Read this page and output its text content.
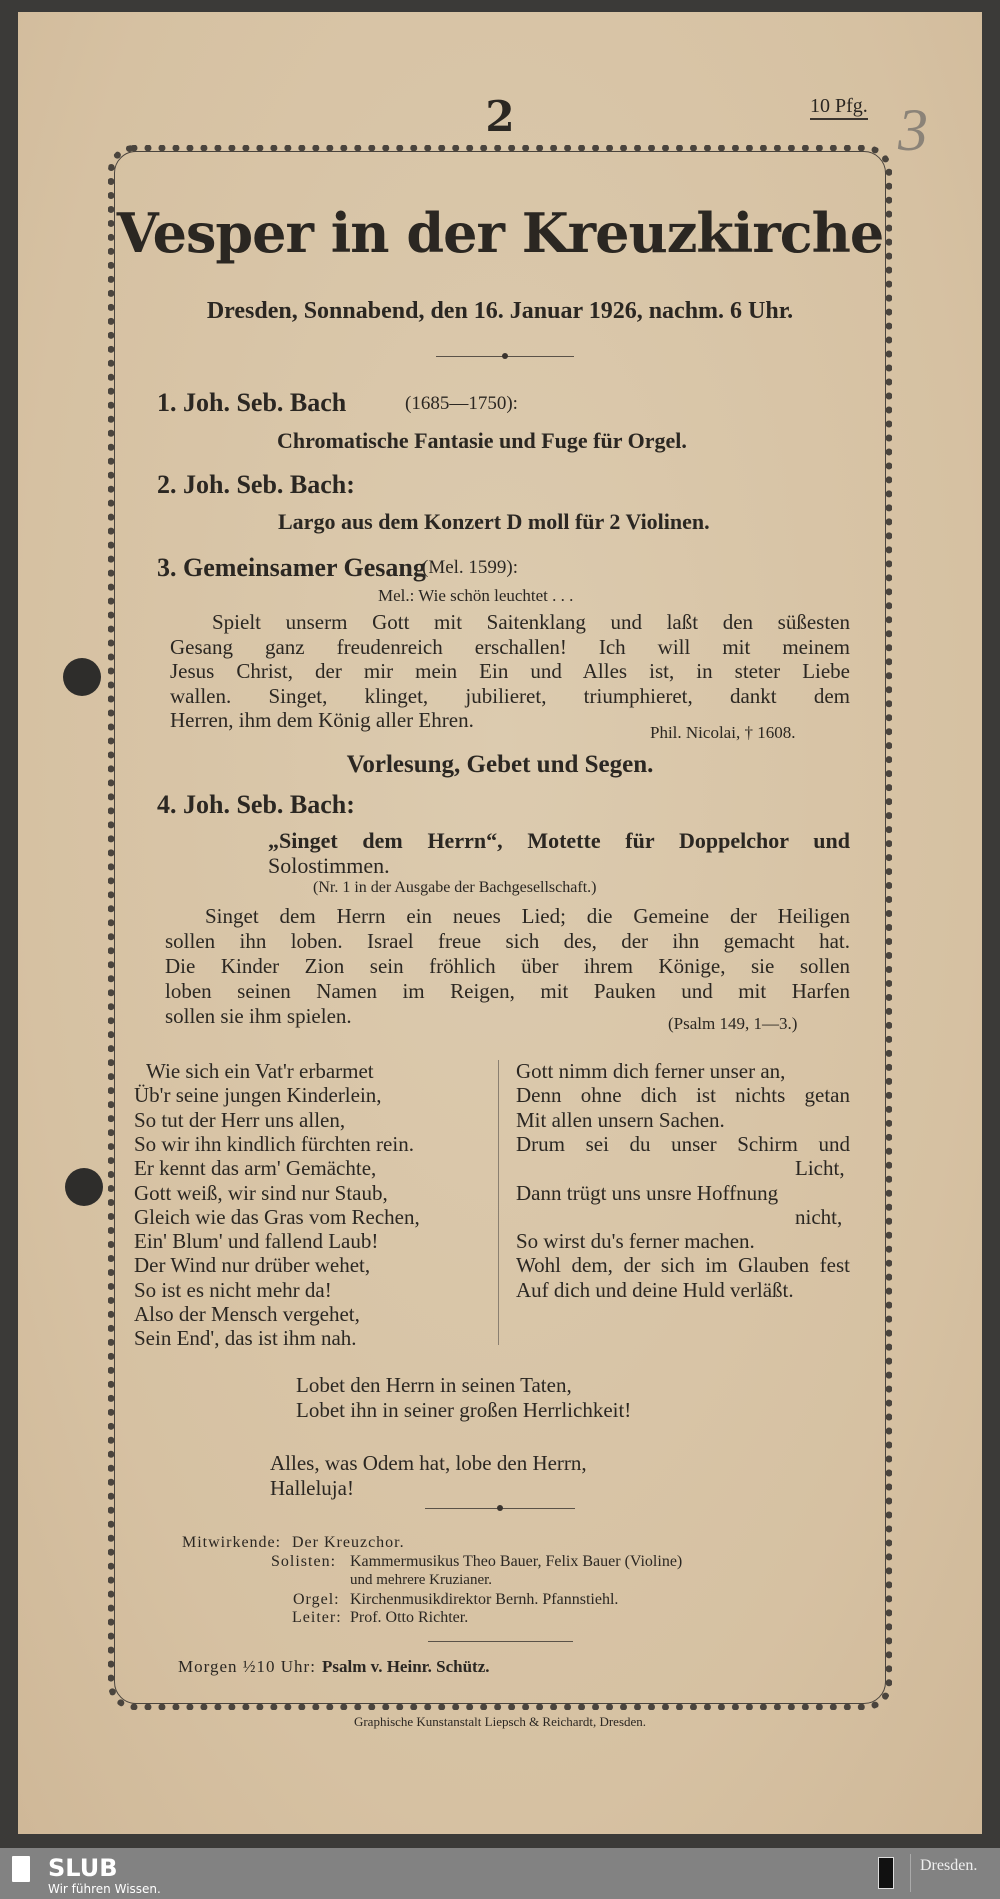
2	10 Pfg. 3
Vesper in der Kreuzkirche
Dresden, Sonnabend, den 16. Januar 1926, nachm. 6 Uhr.
1. Joh. Seb. Bach	(1685—1750):
Chromatische Fantasie und Fuge für Orgel.
2. Joh. Seb. Bach:
Largo aus dem Konzert D moll für 2 Violinen.
3. Gemeinsamer Gesang
(Mel. 1599):
Mel.: Wie schön leuchtet . . .
Spielt unserm Gott mit Saitenklang und laßt den süßesten
Gesang ganz freudenreich erschallen! Ich will mit meinem
Jesus Christ, der mir mein Ein und Alles ist, in steter Liebe
wallen. Singet, klinget, jubilieret, triumphieret, dankt dem
Herren, ihm dem König aller Ehren.
Phil. Nicolai, † 1608.
Vorlesung, Gebet und Segen.
4. Joh. Seb. Bach:
„Singet dem Herrn“, Motette für Doppelchor und
Solostimmen.
(Nr. 1 in der Ausgabe der Bachgesellschaft.)
Singet dem Herrn ein neues Lied; die Gemeine der Heiligen
sollen ihn loben. Israel freue sich des, der ihn gemacht hat.
Die Kinder Zion sein fröhlich über ihrem Könige, sie sollen
loben seinen Namen im Reigen, mit Pauken und mit Harfen
sollen sie ihm spielen.	(Psalm 149, 1—3.)
Wie sich ein Vat'r erbarmet
Üb'r seine jungen Kinderlein,
So tut der Herr uns allen,
So wir ihn kindlich fürchten rein.
Er kennt das arm' Gemächte,
Gott weiß, wir sind nur Staub,
Gleich wie das Gras vom Rechen,
Ein' Blum' und fallend Laub!
Der Wind nur drüber wehet,
So ist es nicht mehr da!
Also der Mensch vergehet,
Sein End', das ist ihm nah.
Gott nimm dich ferner unser an,
Denn ohne dich ist nichts getan
Mit allen unsern Sachen.
Drum sei du unser Schirm und
Licht,
Dann trügt uns unsre Hoffnung
nicht,
So wirst du's ferner machen.
Wohl dem, der sich im Glauben fest
Auf dich und deine Huld verläßt.
Lobet den Herrn in seinen Taten,
Lobet ihn in seiner großen Herrlichkeit!
Alles, was Odem hat, lobe den Herrn,
Halleluja!
Mitwirkende: Der Kreuzchor.
Solisten: Kammermusikus Theo Bauer, Felix Bauer (Violine)
und mehrere Kruzianer.
Orgel: Kirchenmusikdirektor Bernh. Pfannstiehl.
Leiter: Prof. Otto Richter.
Morgen ½10 Uhr: Psalm v. Heinr. Schütz.
Graphische Kunstanstalt Liepsch & Reichardt, Dresden.
SLUB
Wir führen Wissen.
Dresden.
